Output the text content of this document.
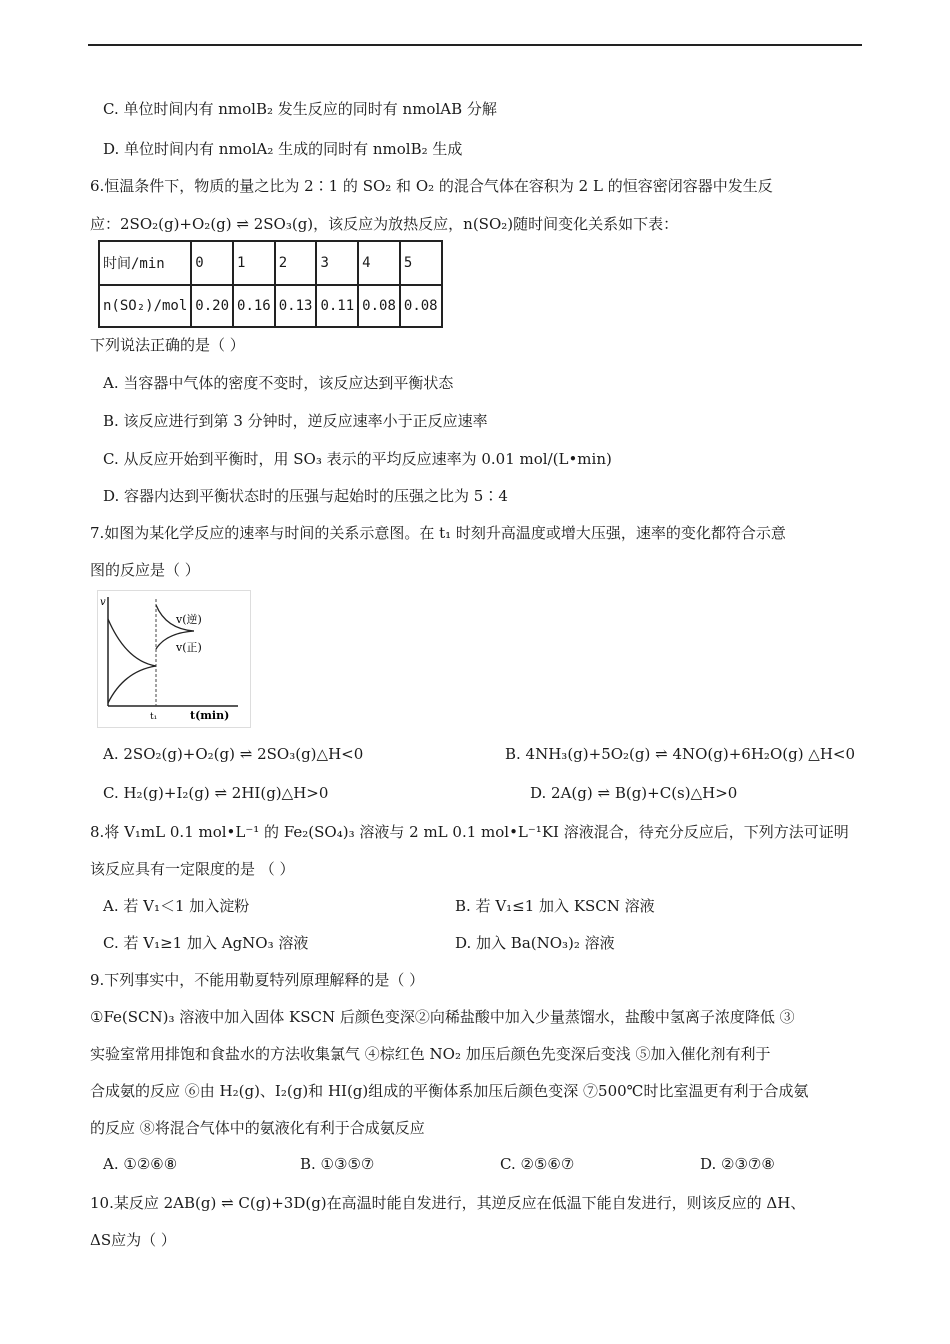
C. 单位时间内有 nmolB₂ 发生反应的同时有 nmolAB 分解
D. 单位时间内有 nmolA₂ 生成的同时有 nmolB₂ 生成
6.恒温条件下，物质的量之比为 2∶1 的 SO₂ 和 O₂ 的混合气体在容积为 2 L 的恒容密闭容器中发生反
应：2SO₂(g)+O₂(g) ⇌ 2SO₃(g)，该反应为放热反应，n(SO₂)随时间变化关系如下表：
时间/min	0	1	2	3	4	5
n(SO₂)/mol	0.20	0.16	0.13	0.11	0.08	0.08
下列说法正确的是（ ）
A. 当容器中气体的密度不变时，该反应达到平衡状态
B. 该反应进行到第 3 分钟时，逆反应速率小于正反应速率
C. 从反应开始到平衡时，用 SO₃ 表示的平均反应速率为 0.01 mol/(L•min)
D. 容器内达到平衡状态时的压强与起始时的压强之比为 5∶4
7.如图为某化学反应的速率与时间的关系示意图。在 t₁ 时刻升高温度或增大压强，速率的变化都符合示意
图的反应是（ ）
v
t₁	t(min)
v(逆)
v(正)
A. 2SO₂(g)+O₂(g) ⇌ 2SO₃(g)△H<0	B. 4NH₃(g)+5O₂(g) ⇌ 4NO(g)+6H₂O(g) △H<0
C. H₂(g)+I₂(g) ⇌ 2HI(g)△H>0	D. 2A(g) ⇌ B(g)+C(s)△H>0
8.将 V₁mL 0.1 mol•L⁻¹ 的 Fe₂(SO₄)₃ 溶液与 2 mL 0.1 mol•L⁻¹KI 溶液混合，待充分反应后，下列方法可证明
该反应具有一定限度的是 （ ）
A. 若 V₁＜1 加入淀粉	B. 若 V₁≤1 加入 KSCN 溶液
C. 若 V₁≥1 加入 AgNO₃ 溶液	D. 加入 Ba(NO₃)₂ 溶液
9.下列事实中，不能用勒夏特列原理解释的是（ ）
①Fe(SCN)₃ 溶液中加入固体 KSCN 后颜色变深②向稀盐酸中加入少量蒸馏水，盐酸中氢离子浓度降低 ③
实验室常用排饱和食盐水的方法收集氯气 ④棕红色 NO₂ 加压后颜色先变深后变浅 ⑤加入催化剂有利于
合成氨的反应 ⑥由 H₂(g)、I₂(g)和 HI(g)组成的平衡体系加压后颜色变深 ⑦500℃时比室温更有利于合成氨
的反应 ⑧将混合气体中的氨液化有利于合成氨反应
A. ①②⑥⑧	B. ①③⑤⑦	C. ②⑤⑥⑦	D. ②③⑦⑧
10.某反应 2AB(g) ⇌ C(g)+3D(g)在高温时能自发进行，其逆反应在低温下能自发进行，则该反应的 ΔH、
ΔS应为（ ）
